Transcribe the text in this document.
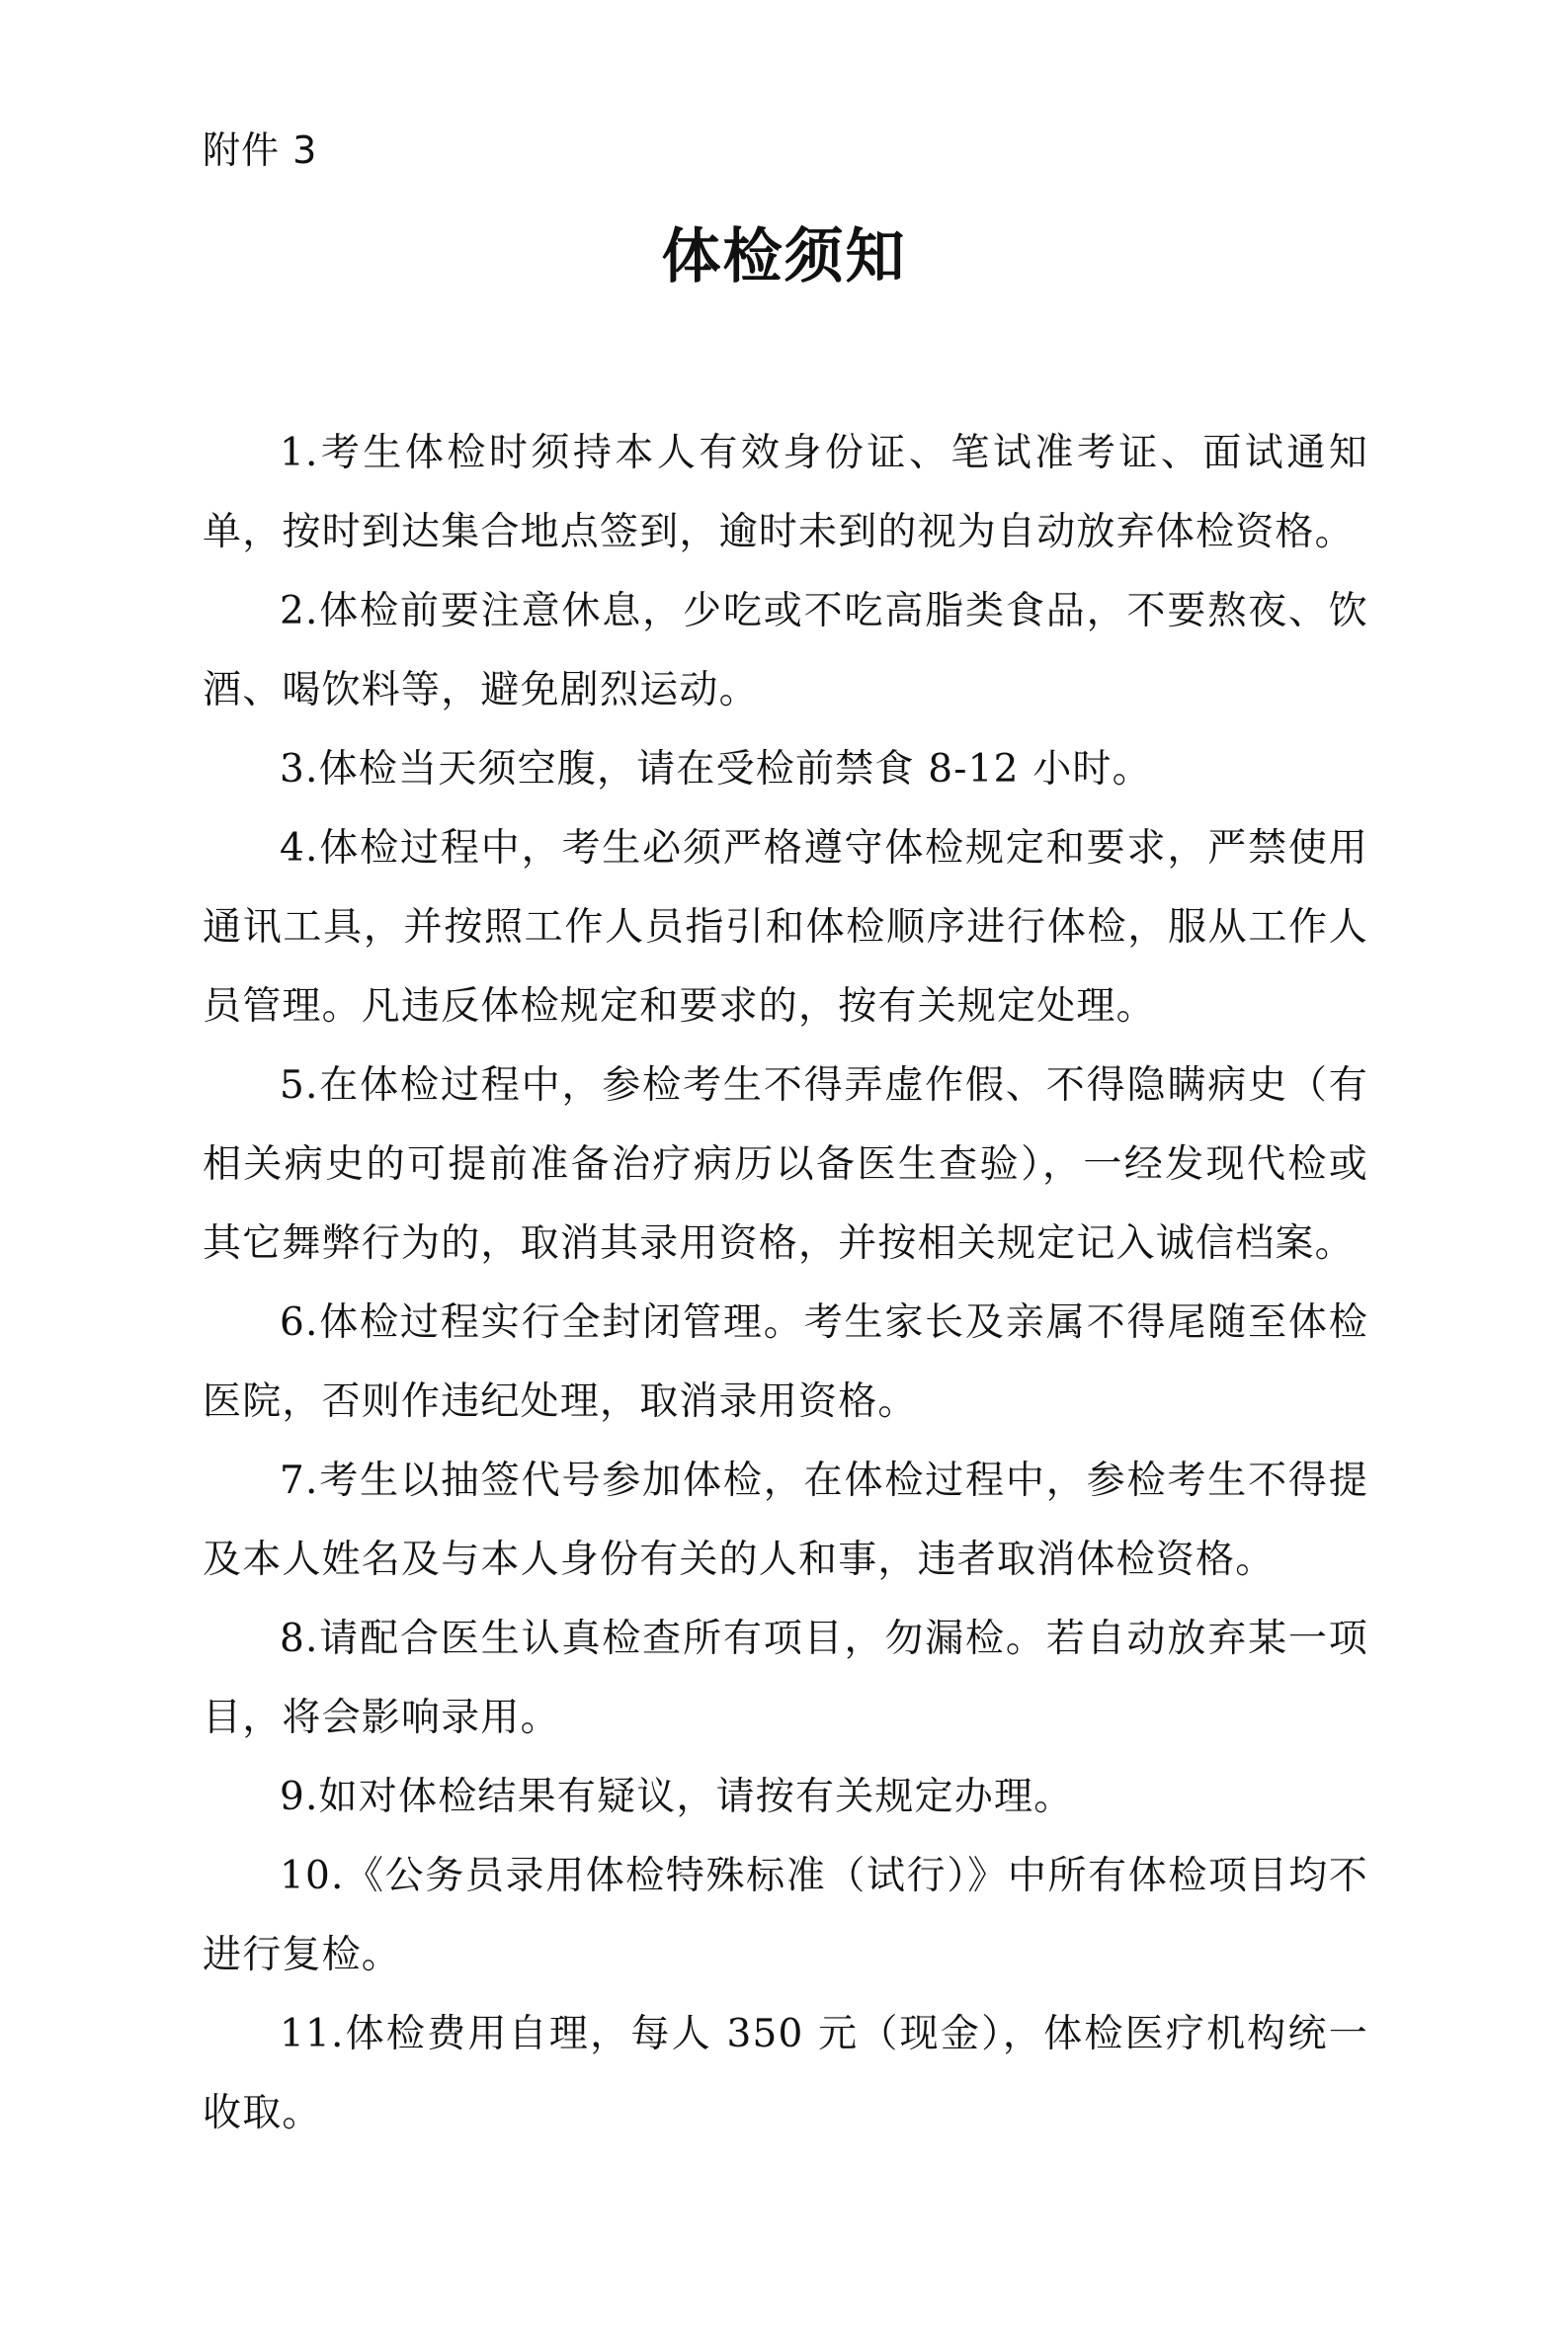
附件 3
体检须知

1.考生体检时须持本人有效身份证、笔试准考证、面试通知单，按时到达集合地点签到，逾时未到的视为自动放弃体检资格。

2.体检前要注意休息，少吃或不吃高脂类食品，不要熬夜、饮酒、喝饮料等，避免剧烈运动。

3.体检当天须空腹，请在受检前禁食 8-12 小时。

4.体检过程中，考生必须严格遵守体检规定和要求，严禁使用通讯工具，并按照工作人员指引和体检顺序进行体检，服从工作人员管理。凡违反体检规定和要求的，按有关规定处理。

5.在体检过程中，参检考生不得弄虚作假、不得隐瞒病史（有相关病史的可提前准备治疗病历以备医生查验），一经发现代检或其它舞弊行为的，取消其录用资格，并按相关规定记入诚信档案。

6.体检过程实行全封闭管理。考生家长及亲属不得尾随至体检医院，否则作违纪处理，取消录用资格。

7.考生以抽签代号参加体检，在体检过程中，参检考生不得提及本人姓名及与本人身份有关的人和事，违者取消体检资格。

8.请配合医生认真检查所有项目，勿漏检。若自动放弃某一项目，将会影响录用。

9.如对体检结果有疑议，请按有关规定办理。

10.《公务员录用体检特殊标准（试行）》中所有体检项目均不进行复检。

11.体检费用自理，每人 350 元（现金），体检医疗机构统一收取。
